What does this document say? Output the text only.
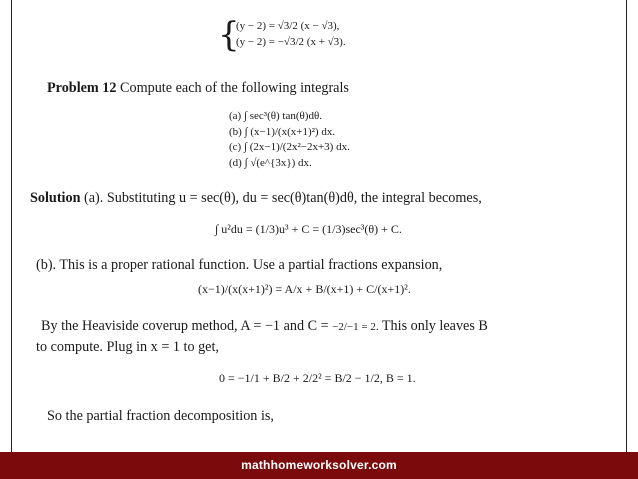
{
(y − 2) = √3/2 (x − √3),
(y − 2) = −√3/2 (x + √3).
Problem 12 Compute each of the following integrals
(a) ∫ sec³(θ) tan(θ)dθ.
(b) ∫ (x−1)/(x(x+1)²) dx.
(c) ∫ (2x−1)/(2x²−2x+3) dx.
(d) ∫ √(e^{3x}) dx.
Solution (a). Substituting u = sec(θ), du = sec(θ)tan(θ)dθ, the integral becomes,
∫ u²du = (1/3)u³ + C = (1/3)sec³(θ) + C.
(b). This is a proper rational function. Use a partial fractions expansion,
(x−1)/(x(x+1)²) = A/x + B/(x+1) + C/(x+1)².
By the Heaviside coverup method, A = −1 and C = −2/−1 = 2. This only leaves B
to compute. Plug in x = 1 to get,
0 = −1/1 + B/2 + 2/2² = B/2 − 1/2, B = 1.
So the partial fraction decomposition is,
mathhomeworksolver.com
